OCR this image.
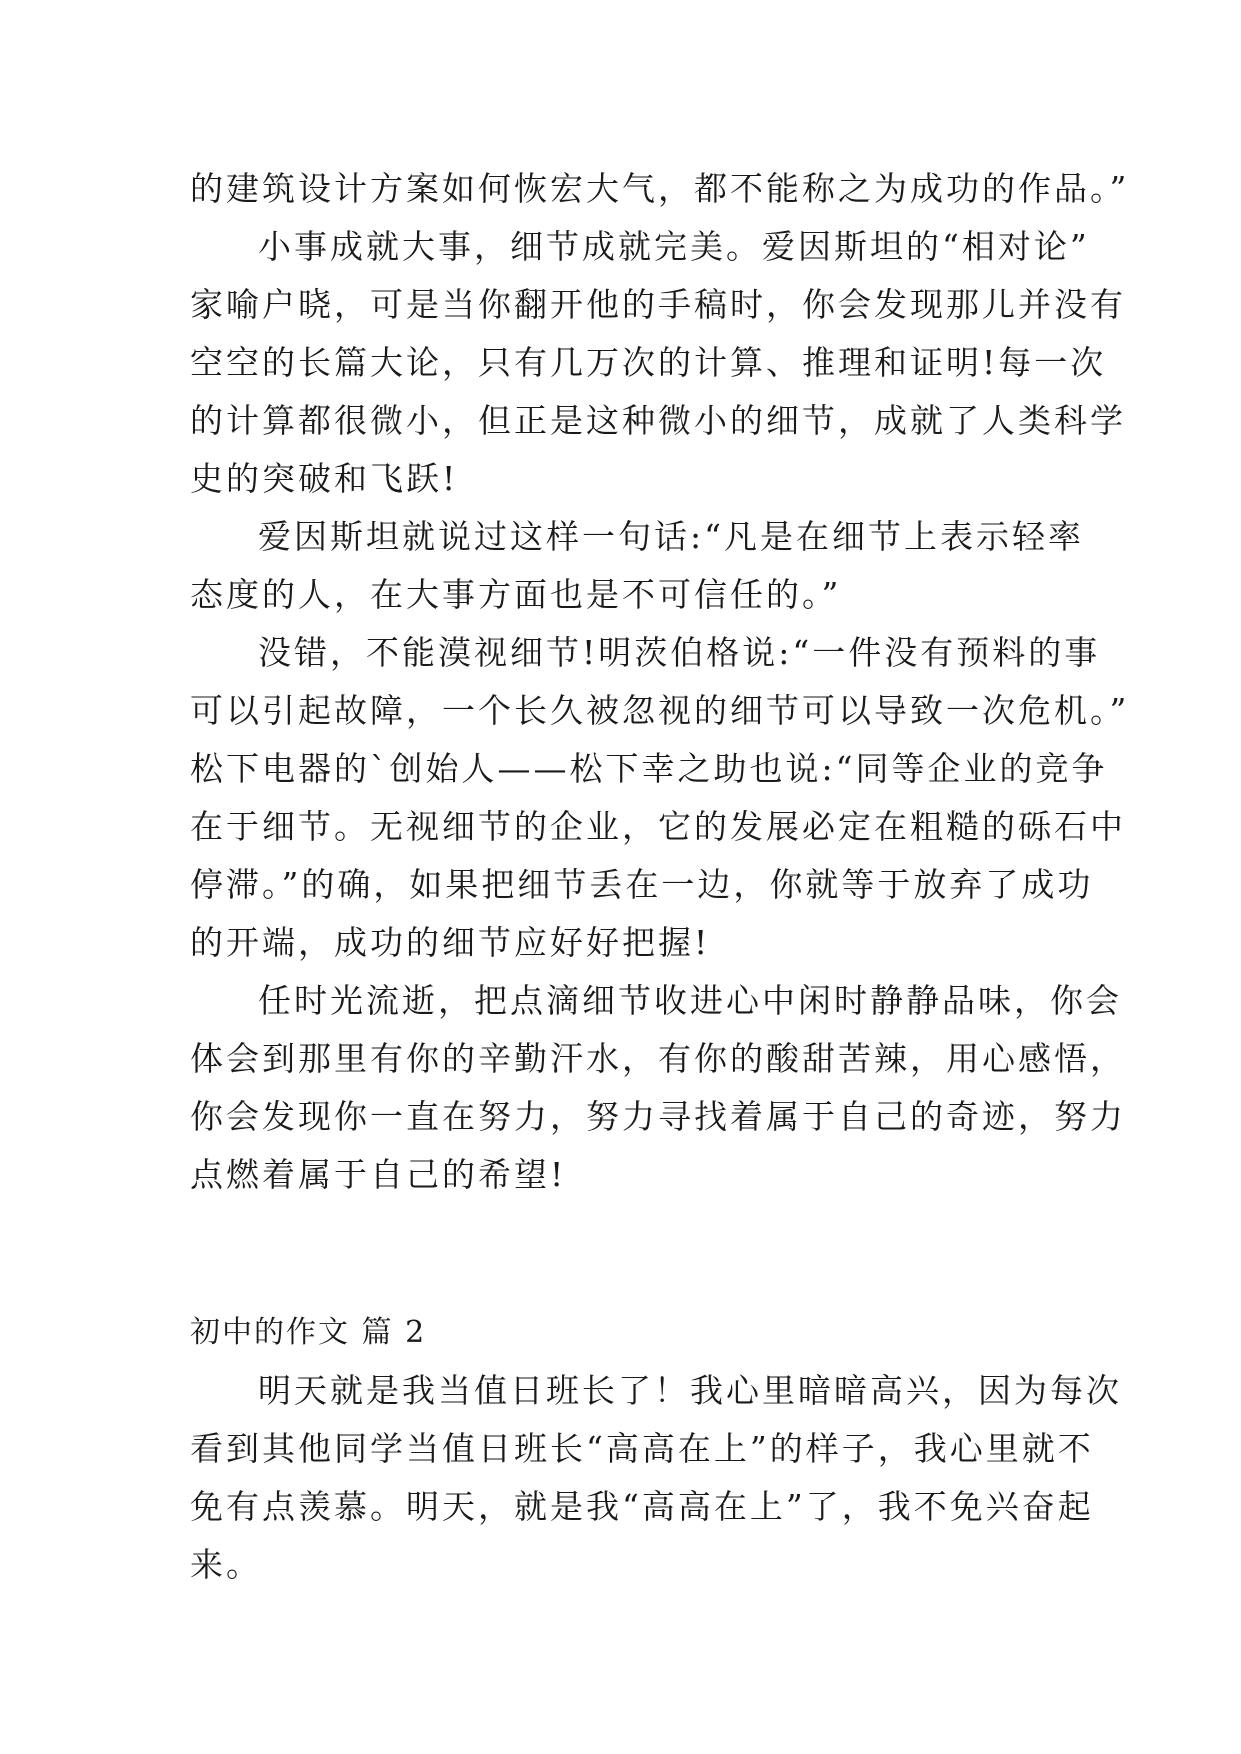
的建筑设计方案如何恢宏大气，都不能称之为成功的作品。”
小事成就大事，细节成就完美。爱因斯坦的“相对论”
家喻户晓，可是当你翻开他的手稿时，你会发现那儿并没有
空空的长篇大论，只有几万次的计算、推理和证明!每一次
的计算都很微小，但正是这种微小的细节，成就了人类科学
史的突破和飞跃!
爱因斯坦就说过这样一句话:“凡是在细节上表示轻率
态度的人，在大事方面也是不可信任的。”
没错，不能漠视细节!明茨伯格说:“一件没有预料的事
可以引起故障，一个长久被忽视的细节可以导致一次危机。”
松下电器的`创始人——松下幸之助也说:“同等企业的竞争
在于细节。无视细节的企业，它的发展必定在粗糙的砾石中
停滞。”的确，如果把细节丢在一边，你就等于放弃了成功
的开端，成功的细节应好好把握!
任时光流逝，把点滴细节收进心中闲时静静品味，你会
体会到那里有你的辛勤汗水，有你的酸甜苦辣，用心感悟，
你会发现你一直在努力，努力寻找着属于自己的奇迹，努力
点燃着属于自己的希望!
初中的作文 篇 2
明天就是我当值日班长了！我心里暗暗高兴，因为每次
看到其他同学当值日班长“高高在上”的样子，我心里就不
免有点羡慕。明天，就是我“高高在上”了，我不免兴奋起
来。
